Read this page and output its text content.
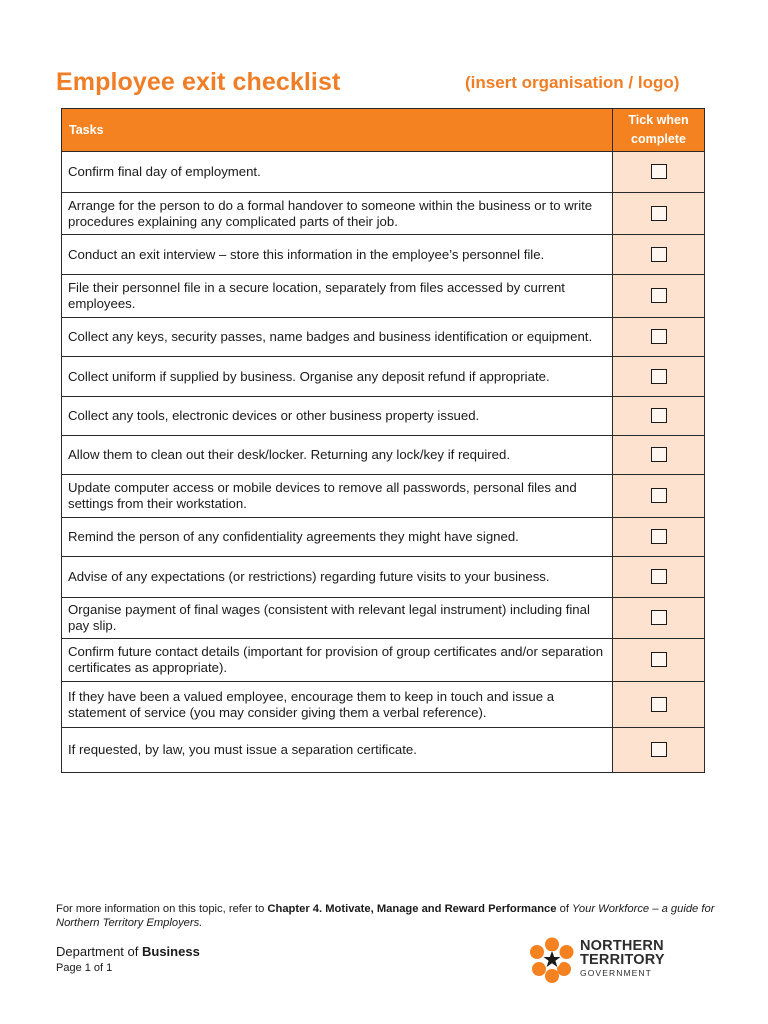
Employee exit checklist	(insert organisation / logo)
Tasks	Tick when
complete
Confirm final day of employment.	
Arrange for the person to do a formal handover to someone within the business or to write procedures explaining any complicated parts of their job.	
Conduct an exit interview – store this information in the employee’s personnel file.	
File their personnel file in a secure location, separately from files accessed by current employees.	
Collect any keys, security passes, name badges and business identification or equipment.	
Collect uniform if supplied by business. Organise any deposit refund if appropriate.	
Collect any tools, electronic devices or other business property issued.	
Allow them to clean out their desk/locker. Returning any lock/key if required.	
Update computer access or mobile devices to remove all passwords, personal files and settings from their workstation.	
Remind the person of any confidentiality agreements they might have signed.	
Advise of any expectations (or restrictions) regarding future visits to your business.	
Organise payment of final wages (consistent with relevant legal instrument) including final pay slip.	
Confirm future contact details (important for provision of group certificates and/or separation certificates as appropriate).	
If they have been a valued employee, encourage them to keep in touch and issue a statement of service (you may consider giving them a verbal reference).	
If requested, by law, you must issue a separation certificate.	
For more information on this topic, refer to Chapter 4. Motivate, Manage and Reward Performance of Your Workforce – a guide for Northern Territory Employers.
Department of Business
Page 1 of 1
NORTHERN
TERRITORY
GOVERNMENT
